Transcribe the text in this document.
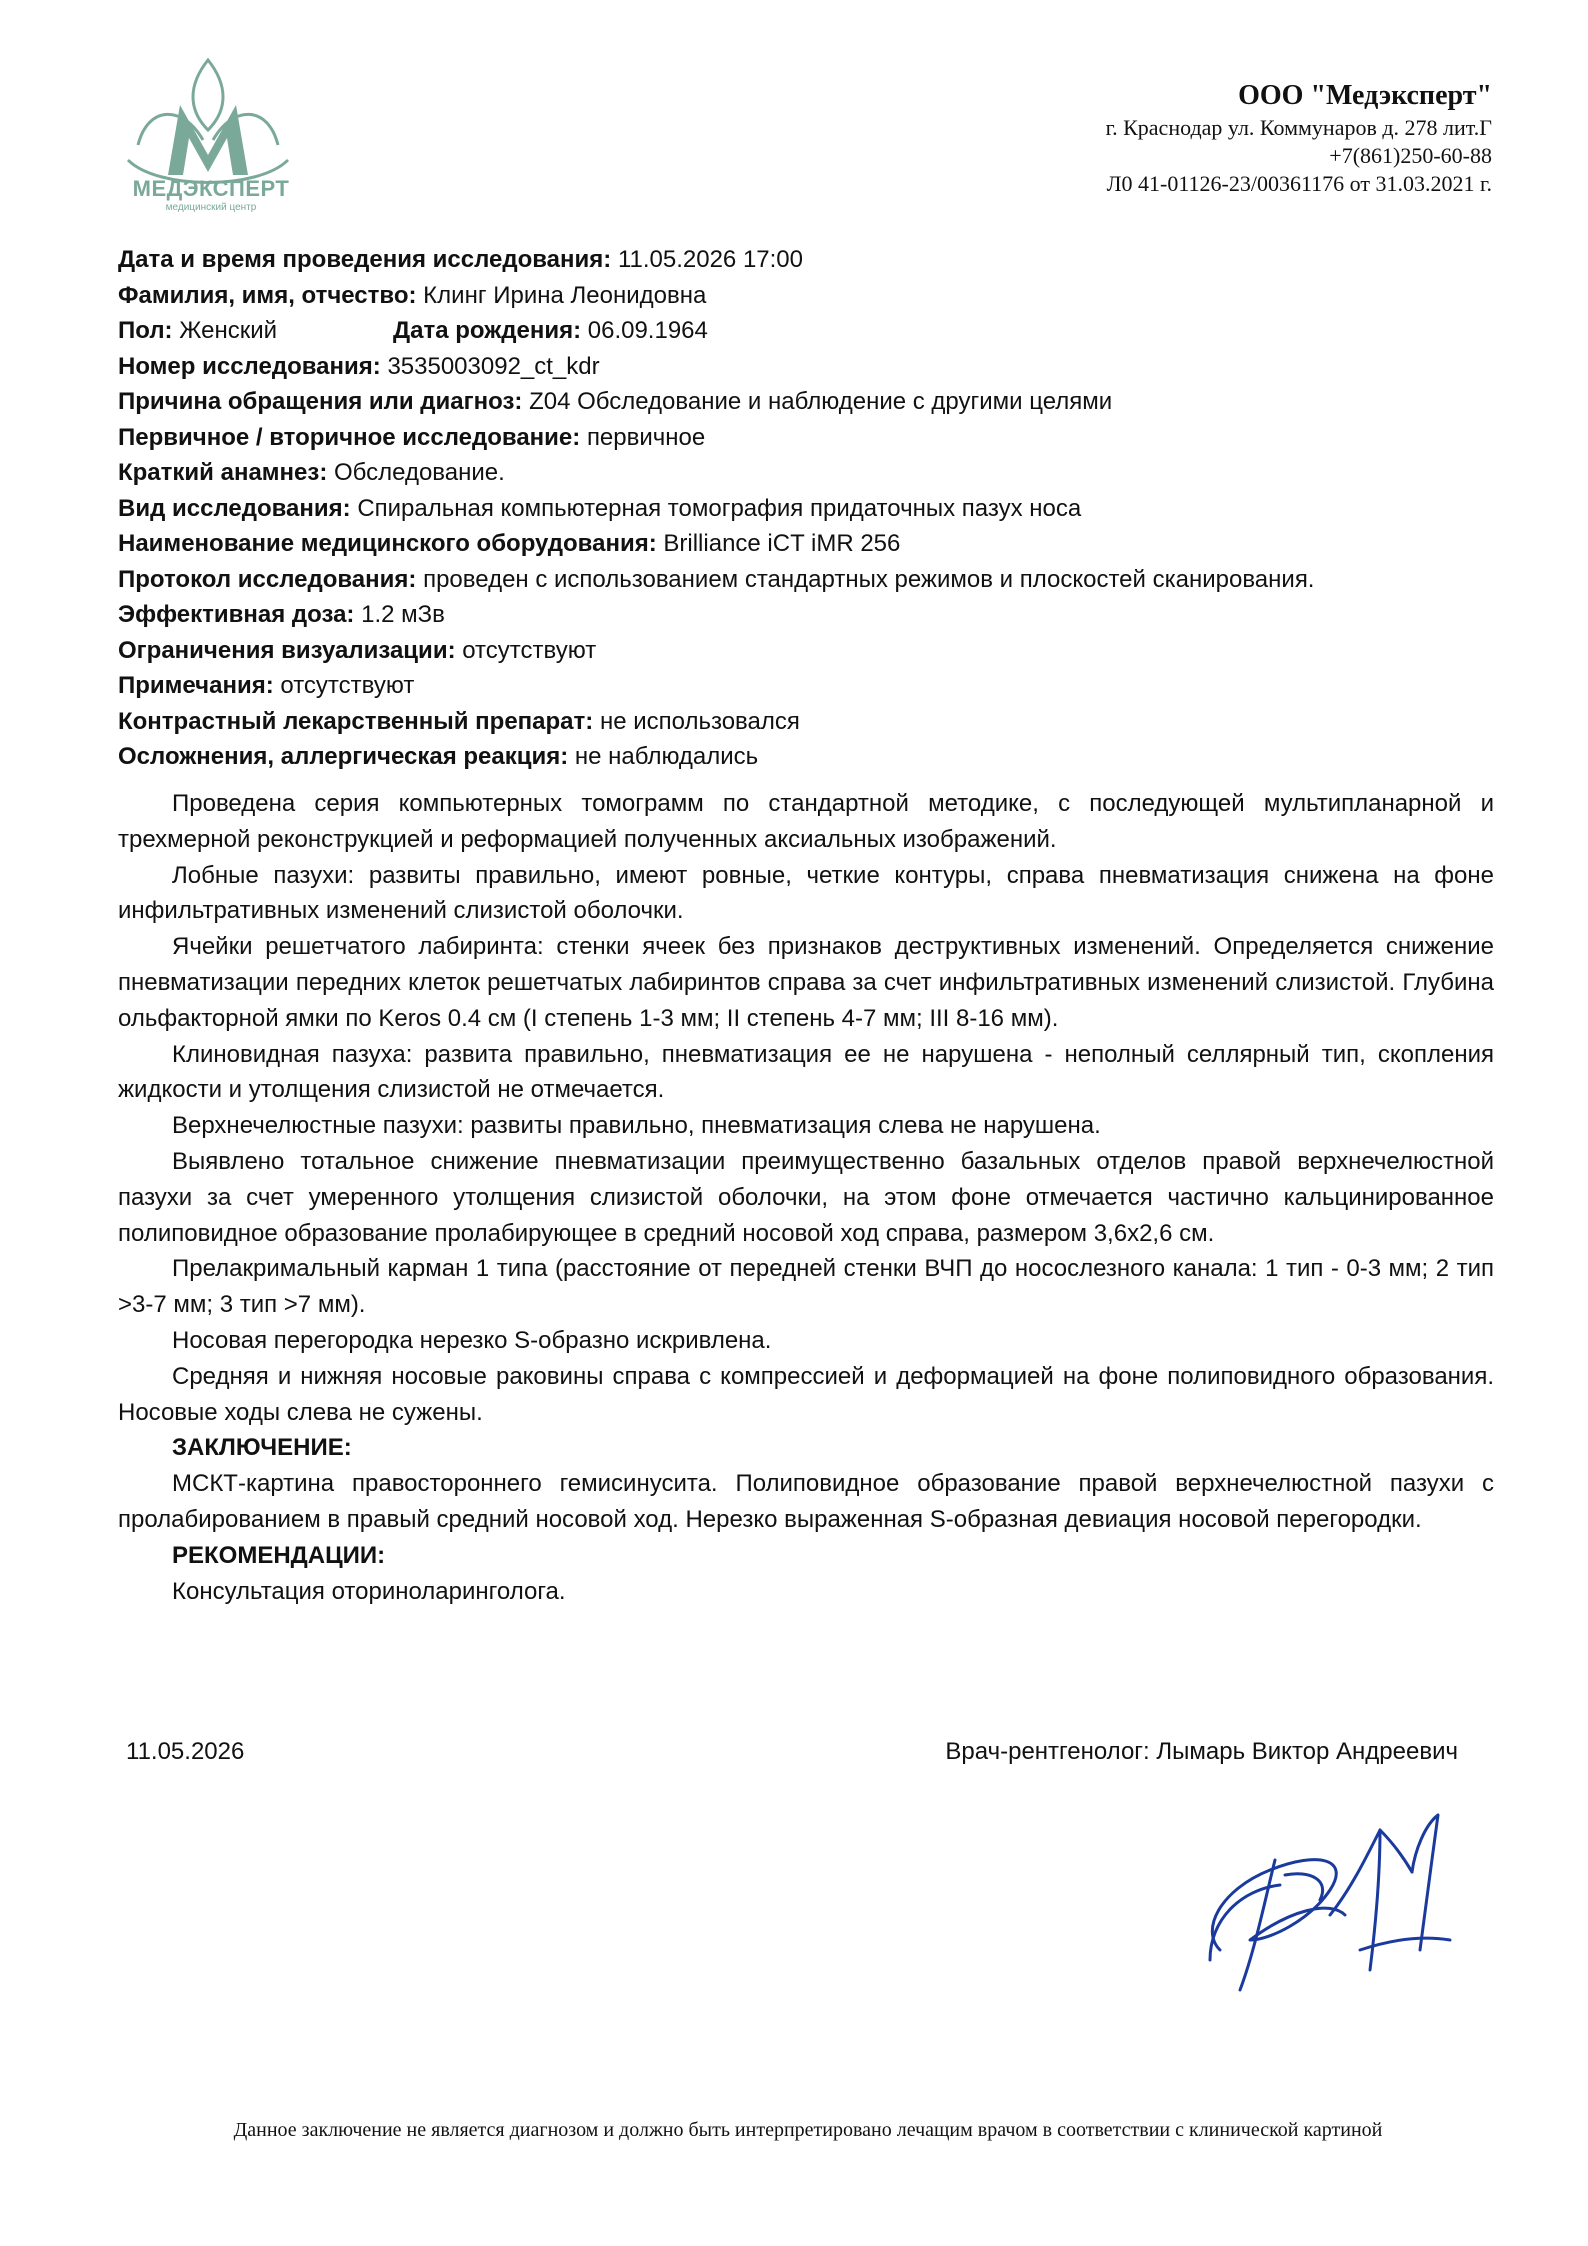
МЕДЭКСПЕРТ
медицинский центр
ООО "Медэксперт"
г. Краснодар ул. Коммунаров д. 278 лит.Г
+7(861)250-60-88
Л0 41-01126-23/00361176 от 31.03.2021 г.
Дата и время проведения исследования: 11.05.2026 17:00
Фамилия, имя, отчество: Клинг Ирина Леонидовна
Пол: Женский	Дата рождения: 06.09.1964
Номер исследования: 3535003092_ct_kdr
Причина обращения или диагноз: Z04 Обследование и наблюдение с другими целями
Первичное / вторичное исследование: первичное
Краткий анамнез: Обследование.
Вид исследования: Спиральная компьютерная томография придаточных пазух носа
Наименование медицинского оборудования: Brilliance iCT iMR 256
Протокол исследования: проведен с использованием стандартных режимов и плоскостей сканирования.
Эффективная доза: 1.2 мЗв
Ограничения визуализации: отсутствуют
Примечания: отсутствуют
Контрастный лекарственный препарат: не использовался
Осложнения, аллергическая реакция: не наблюдались

Проведена серия компьютерных томограмм по стандартной методике, с последующей мультипланарной и трехмерной реконструкцией и реформацией полученных аксиальных изображений.

Лобные пазухи: развиты правильно, имеют ровные, четкие контуры, справа пневматизация снижена на фоне инфильтративных изменений слизистой оболочки.

Ячейки решетчатого лабиринта: стенки ячеек без признаков деструктивных изменений. Определяется снижение пневматизации передних клеток решетчатых лабиринтов справа за счет инфильтративных изменений слизистой. Глубина ольфакторной ямки по Keros 0.4 см (I степень 1-3 мм; II степень 4-7 мм; III 8-16 мм).

Клиновидная пазуха: развита правильно, пневматизация ее не нарушена - неполный селлярный тип, скопления жидкости и утолщения слизистой не отмечается.

Верхнечелюстные пазухи: развиты правильно, пневматизация слева не нарушена.

Выявлено тотальное снижение пневматизации преимущественно базальных отделов правой верхнечелюстной пазухи за счет умеренного утолщения слизистой оболочки, на этом фоне отмечается частично кальцинированное полиповидное образование пролабирующее в средний носовой ход справа, размером 3,6х2,6 см.

Прелакримальный карман 1 типа (расстояние от передней стенки ВЧП до носослезного канала: 1 тип - 0-3 мм; 2 тип >3-7 мм; 3 тип >7 мм).

Носовая перегородка нерезко S-образно искривлена.

Средняя и нижняя носовые раковины справа с компрессией и деформацией на фоне полиповидного образования. Носовые ходы слева не сужены.

ЗАКЛЮЧЕНИЕ:

МСКТ-картина правостороннего гемисинусита. Полиповидное образование правой верхнечелюстной пазухи с пролабированием в правый средний носовой ход. Нерезко выраженная S-образная девиация носовой перегородки.

РЕКОМЕНДАЦИИ:

Консультация оториноларинголога.

11.05.2026	Врач-рентгенолог: Лымарь Виктор Андреевич
Данное заключение не является диагнозом и должно быть интерпретировано лечащим врачом в соответствии с клинической картиной
